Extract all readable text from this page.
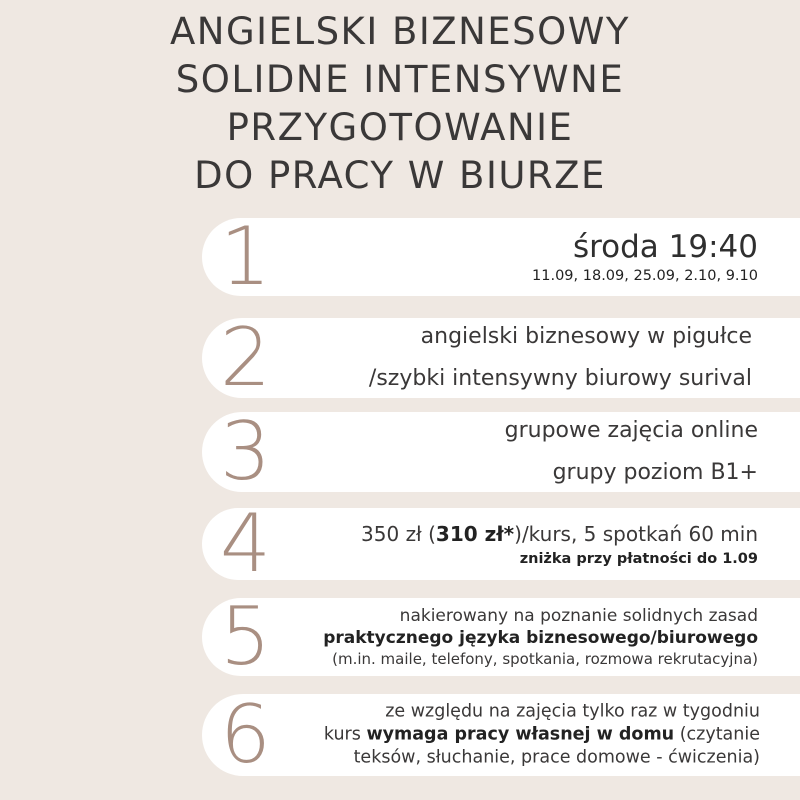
ANGIELSKI BIZNESOWY
SOLIDNE INTENSYWNE
PRZYGOTOWANIE
DO PRACY W BIURZE
1	środa 19:40
11.09, 18.09, 25.09, 2.10, 9.10
2	angielski biznesowy w pigułce
/szybki intensywny biurowy surival
3	grupowe zajęcia online
grupy poziom B1+
4	350 zł (310 zł*)/kurs, 5 spotkań 60 min
zniżka przy płatności do 1.09
5	nakierowany na poznanie solidnych zasad
praktycznego języka biznesowego/biurowego
(m.in. maile, telefony, spotkania, rozmowa rekrutacyjna)
6	ze względu na zajęcia tylko raz w tygodniu
kurs wymaga pracy własnej w domu (czytanie
teksów, słuchanie, prace domowe - ćwiczenia)
